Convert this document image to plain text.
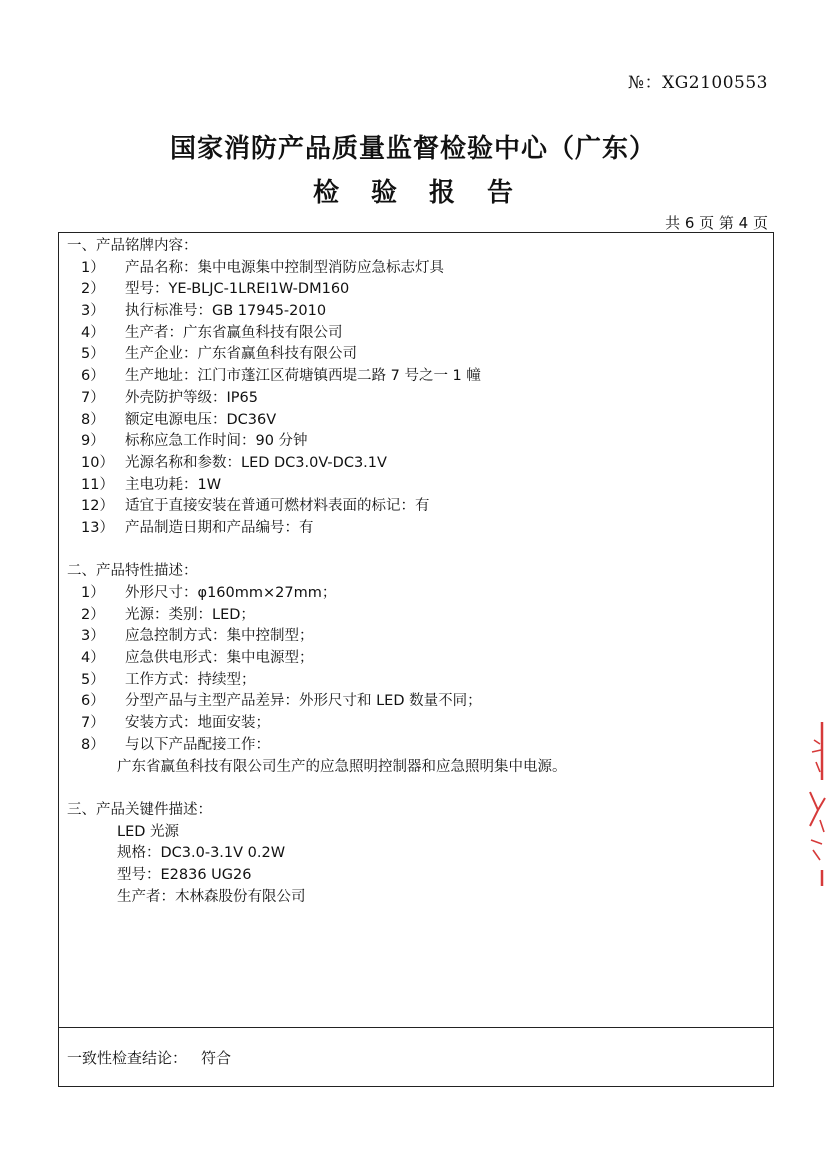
№：XG2100553
国家消防产品质量监督检验中心（广东）
检验报告
共 6 页 第 4 页
一、产品铭牌内容：
1） 产品名称：集中电源集中控制型消防应急标志灯具
2） 型号：YE-BLJC-1LREⅠ1W-DM160
3） 执行标准号：GB 17945-2010
4） 生产者：广东省赢鱼科技有限公司
5） 生产企业：广东省赢鱼科技有限公司
6） 生产地址：江门市蓬江区荷塘镇西堤二路 7 号之一 1 幢
7） 外壳防护等级：IP65
8） 额定电源电压：DC36V
9） 标称应急工作时间：90 分钟
10） 光源名称和参数：LED DC3.0V-DC3.1V
11） 主电功耗：1W
12） 适宜于直接安装在普通可燃材料表面的标记：有
13） 产品制造日期和产品编号：有
二、产品特性描述：
1） 外形尺寸：φ160mm×27mm；
2） 光源：类别：LED；
3） 应急控制方式：集中控制型；
4） 应急供电形式：集中电源型；
5） 工作方式：持续型；
6） 分型产品与主型产品差异：外形尺寸和 LED 数量不同；
7） 安装方式：地面安装；
8） 与以下产品配接工作：
广东省赢鱼科技有限公司生产的应急照明控制器和应急照明集中电源。
三、产品关键件描述：
LED 光源
规格：DC3.0-3.1V 0.2W
型号：E2836 UG26
生产者：木林森股份有限公司
一致性检查结论： 符合
